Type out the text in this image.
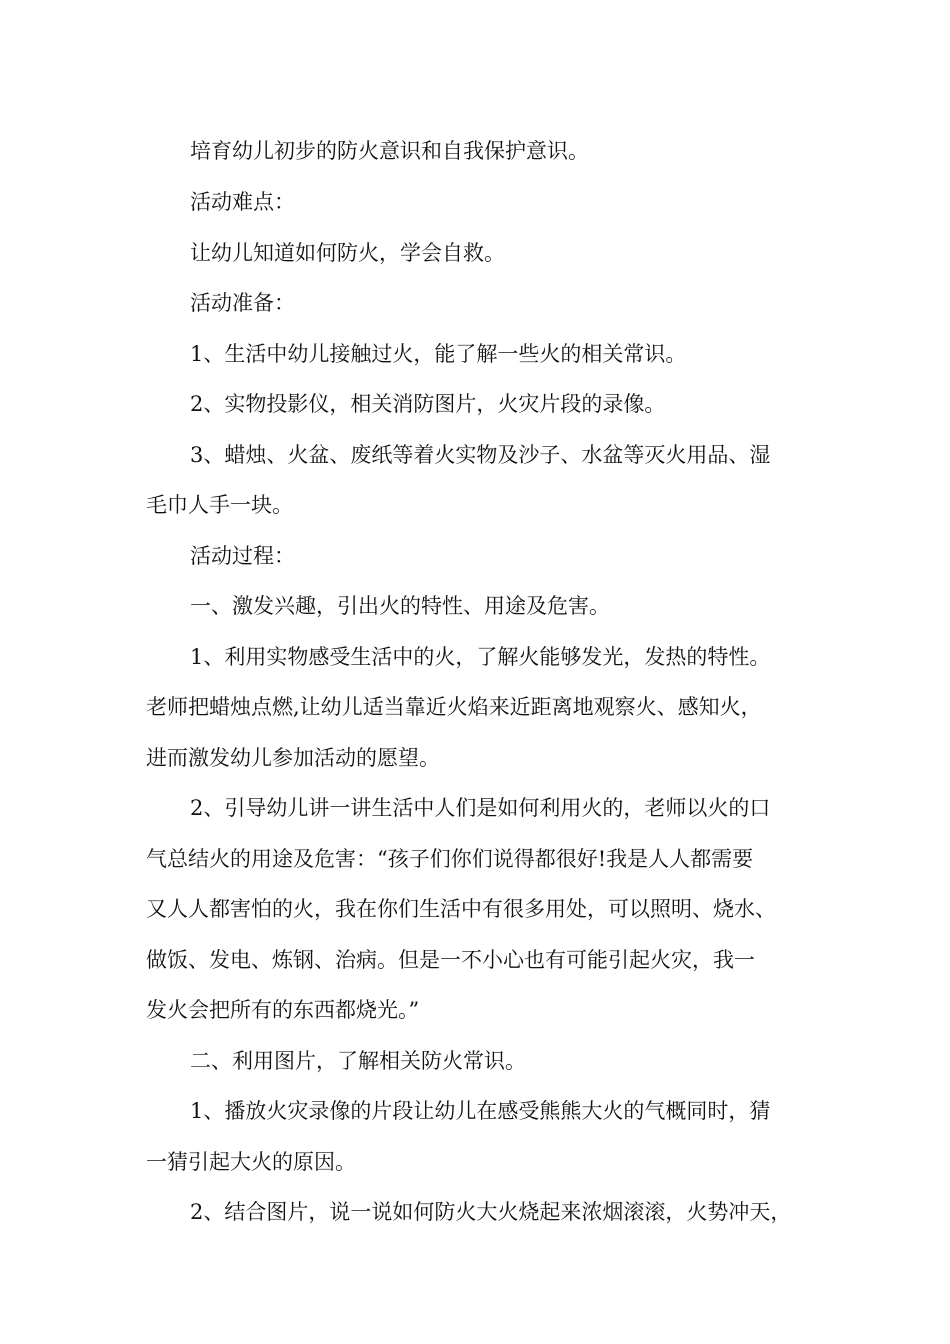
培育幼儿初步的防火意识和自我保护意识。
活动难点：
让幼儿知道如何防火，学会自救。
活动准备：
1、生活中幼儿接触过火，能了解一些火的相关常识。
2、实物投影仪，相关消防图片，火灾片段的录像。
3、蜡烛、火盆、废纸等着火实物及沙子、水盆等灭火用品、湿
毛巾人手一块。
活动过程：
一、激发兴趣，引出火的特性、用途及危害。
1、利用实物感受生活中的火，了解火能够发光，发热的特性。
老师把蜡烛点燃,让幼儿适当靠近火焰来近距离地观察火、感知火，
进而激发幼儿参加活动的愿望。
2、引导幼儿讲一讲生活中人们是如何利用火的，老师以火的口
气总结火的用途及危害：“孩子们你们说得都很好!我是人人都需要
又人人都害怕的火，我在你们生活中有很多用处，可以照明、烧水、
做饭、发电、炼钢、治病。但是一不小心也有可能引起火灾，我一
发火会把所有的东西都烧光。”
二、利用图片，了解相关防火常识。
1、播放火灾录像的片段让幼儿在感受熊熊大火的气概同时，猜
一猜引起大火的原因。
2、结合图片，说一说如何防火大火烧起来浓烟滚滚，火势冲天，
